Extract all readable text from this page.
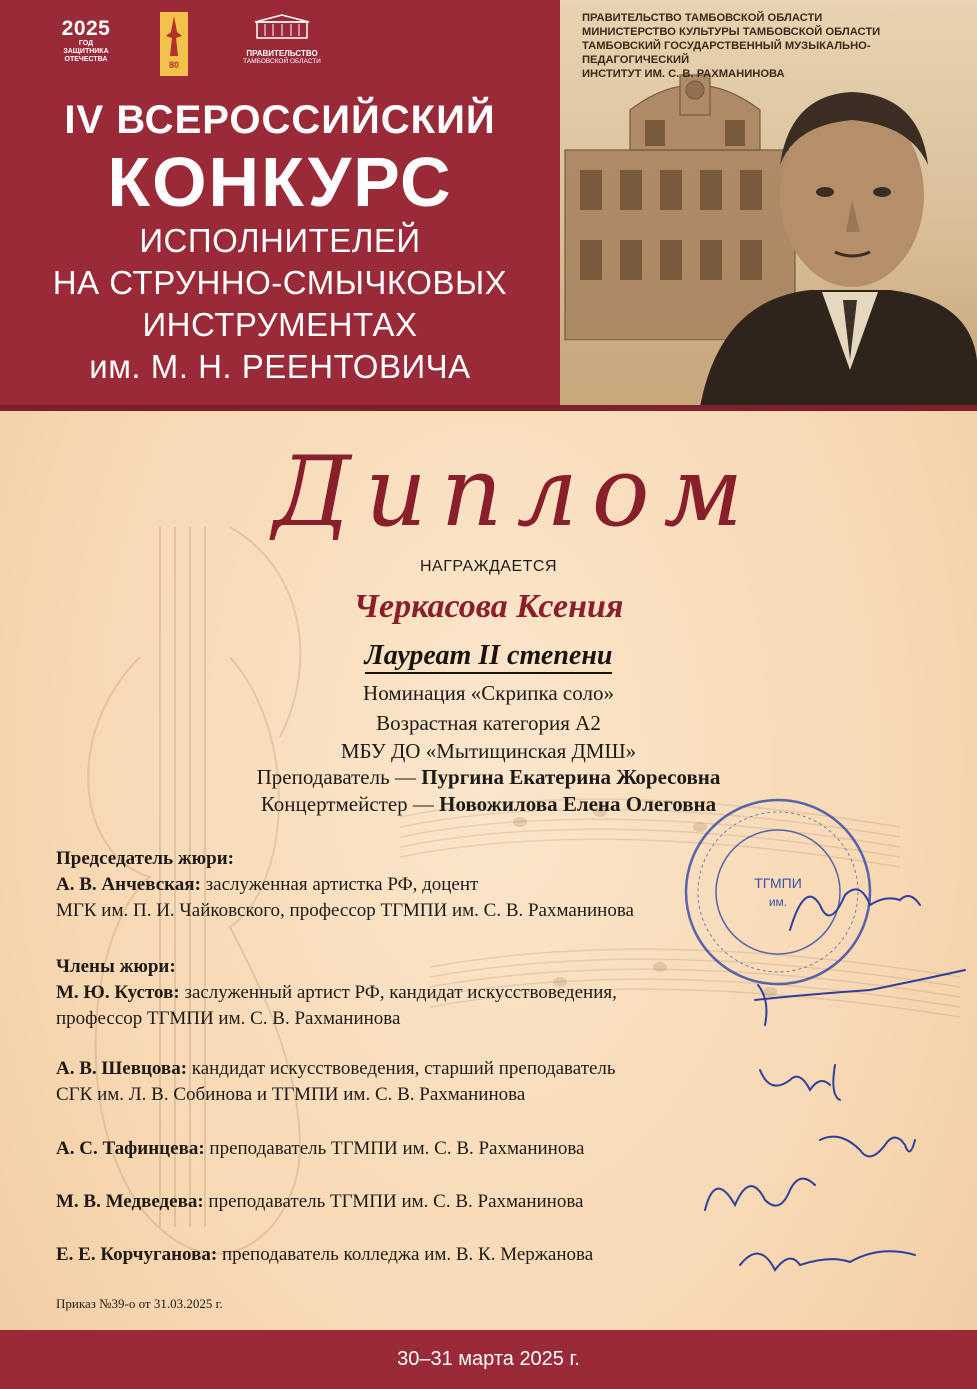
2025
ГОД ЗАЩИТНИКА ОТЕЧЕСТВА
80
ПРАВИТЕЛЬСТВО
ТАМБОВСКОЙ ОБЛАСТИ
IV ВСЕРОССИЙСКИЙ
КОНКУРС
ИСПОЛНИТЕЛЕЙ
НА СТРУННО-СМЫЧКОВЫХ
ИНСТРУМЕНТАХ
им. М. Н. РЕЕНТОВИЧА
ПРАВИТЕЛЬСТВО ТАМБОВСКОЙ ОБЛАСТИ
МИНИСТЕРСТВО КУЛЬТУРЫ ТАМБОВСКОЙ ОБЛАСТИ
ТАМБОВСКИЙ ГОСУДАРСТВЕННЫЙ МУЗЫКАЛЬНО-ПЕДАГОГИЧЕСКИЙ
ИНСТИТУТ ИМ. С. В. РАХМАНИНОВА
Диплом
НАГРАЖДАЕТСЯ
Черкасова Ксения
Лауреат II степени
Номинация «Скрипка соло»
Возрастная категория А2
МБУ ДО «Мытищинская ДМШ»
Преподаватель — Пургина Екатерина Жоресовна
Концертмейстер — Новожилова Елена Олеговна
Председатель жюри:
А. В. Анчевская: заслуженная артистка РФ, доцент
МГК им. П. И. Чайковского, профессор ТГМПИ им. С. В. Рахманинова
Члены жюри:
М. Ю. Кустов: заслуженный артист РФ, кандидат искусствоведения,
профессор ТГМПИ им. С. В. Рахманинова
А. В. Шевцова: кандидат искусствоведения, старший преподаватель
СГК им. Л. В. Собинова и ТГМПИ им. С. В. Рахманинова
А. С. Тафинцева: преподаватель ТГМПИ им. С. В. Рахманинова
М. В. Медведева: преподаватель ТГМПИ им. С. В. Рахманинова
Е. Е. Корчуганова: преподаватель колледжа им. В. К. Мержанова
Приказ №39-о от 31.03.2025 г.
ТГМПИ
им.
30–31 марта 2025 г.
